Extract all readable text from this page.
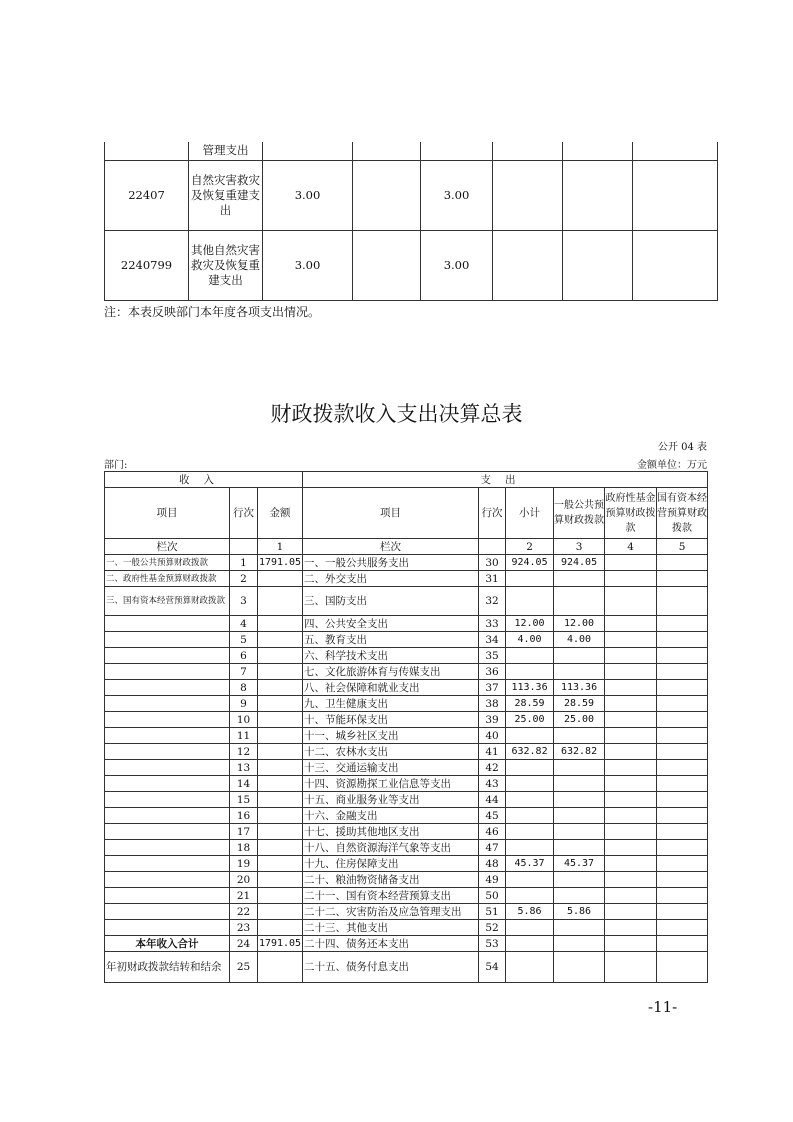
	管理支出						
22407	自然灾害救灾及恢复重建支出	3.00		3.00			
2240799	其他自然灾害救灾及恢复重建支出	3.00		3.00			
注：本表反映部门本年度各项支出情况。
财政拨款收入支出决算总表
公开 04 表
部门:	金额单位：万元
收入			支出					
项目	行次	金额	项目	行次	小计	一般公共预算财政拨款	政府性基金预算财政拨款	国有资本经营预算财政拨款
栏次		1	栏次		2	3	4	5
一、一般公共预算财政拨款	1	1791.05	一、一般公共服务支出	30	924.05	924.05		
二、政府性基金预算财政拨款	2		二、外交支出	31				
三、国有资本经营预算财政拨款	3		三、国防支出	32				
	4		四、公共安全支出	33	12.00	12.00		
	5		五、教育支出	34	4.00	4.00		
	6		六、科学技术支出	35				
	7		七、文化旅游体育与传媒支出	36				
	8		八、社会保障和就业支出	37	113.36	113.36		
	9		九、卫生健康支出	38	28.59	28.59		
	10		十、节能环保支出	39	25.00	25.00		
	11		十一、城乡社区支出	40				
	12		十二、农林水支出	41	632.82	632.82		
	13		十三、交通运输支出	42				
	14		十四、资源勘探工业信息等支出	43				
	15		十五、商业服务业等支出	44				
	16		十六、金融支出	45				
	17		十七、援助其他地区支出	46				
	18		十八、自然资源海洋气象等支出	47				
	19		十九、住房保障支出	48	45.37	45.37		
	20		二十、粮油物资储备支出	49				
	21		二十一、国有资本经营预算支出	50				
	22		二十二、灾害防治及应急管理支出	51	5.86	5.86		
	23		二十三、其他支出	52				
本年收入合计	24	1791.05	二十四、债务还本支出	53				
年初财政拨款结转和结余	25		二十五、债务付息支出	54				
-11-
